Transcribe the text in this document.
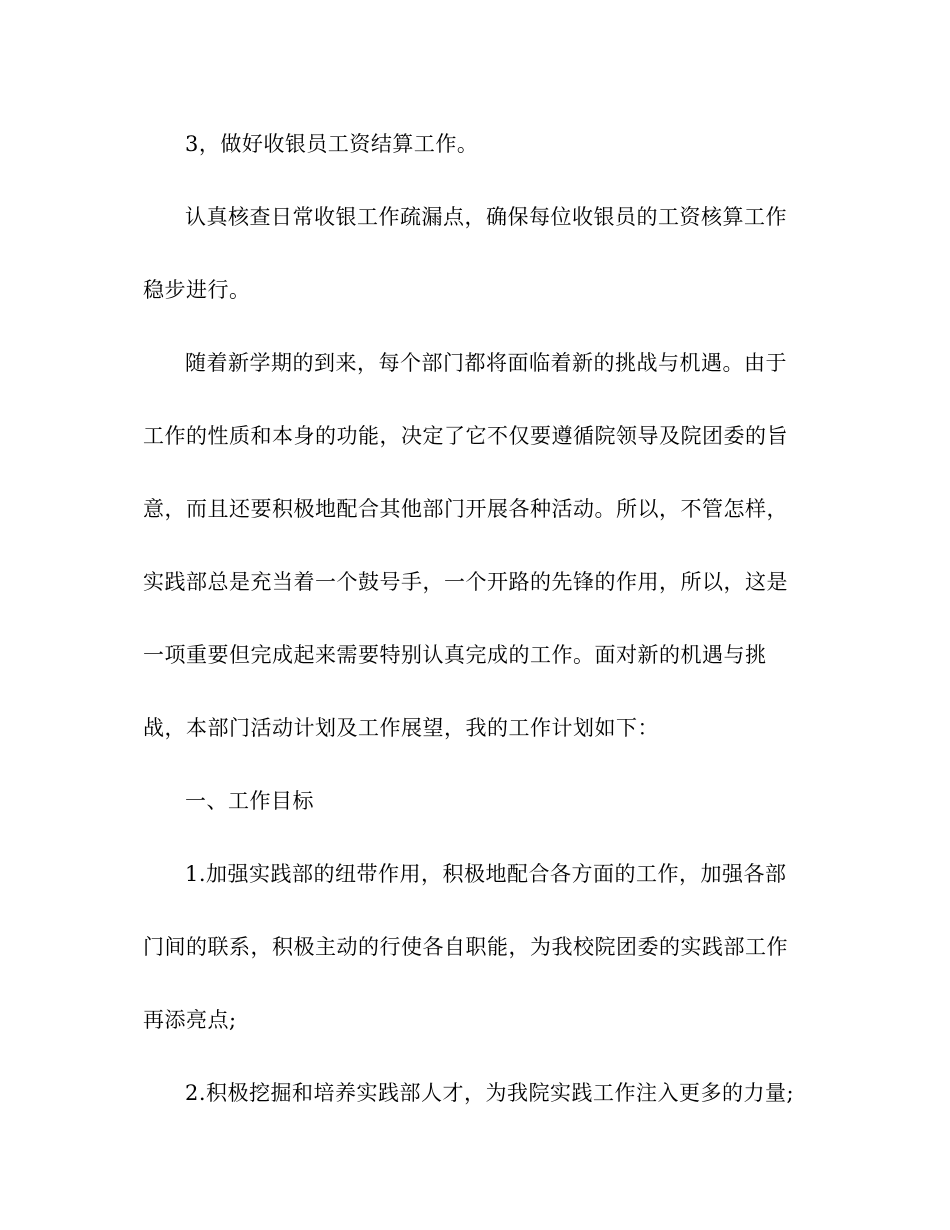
3，做好收银员工资结算工作。
认真核查日常收银工作疏漏点，确保每位收银员的工资核算工作
稳步进行。
随着新学期的到来，每个部门都将面临着新的挑战与机遇。由于
工作的性质和本身的功能，决定了它不仅要遵循院领导及院团委的旨
意，而且还要积极地配合其他部门开展各种活动。所以，不管怎样，
实践部总是充当着一个鼓号手，一个开路的先锋的作用，所以，这是
一项重要但完成起来需要特别认真完成的工作。面对新的机遇与挑
战，本部门活动计划及工作展望，我的工作计划如下：
一、工作目标
1.加强实践部的纽带作用，积极地配合各方面的工作，加强各部
门间的联系，积极主动的行使各自职能，为我校院团委的实践部工作
再添亮点;
2.积极挖掘和培养实践部人才，为我院实践工作注入更多的力量;
